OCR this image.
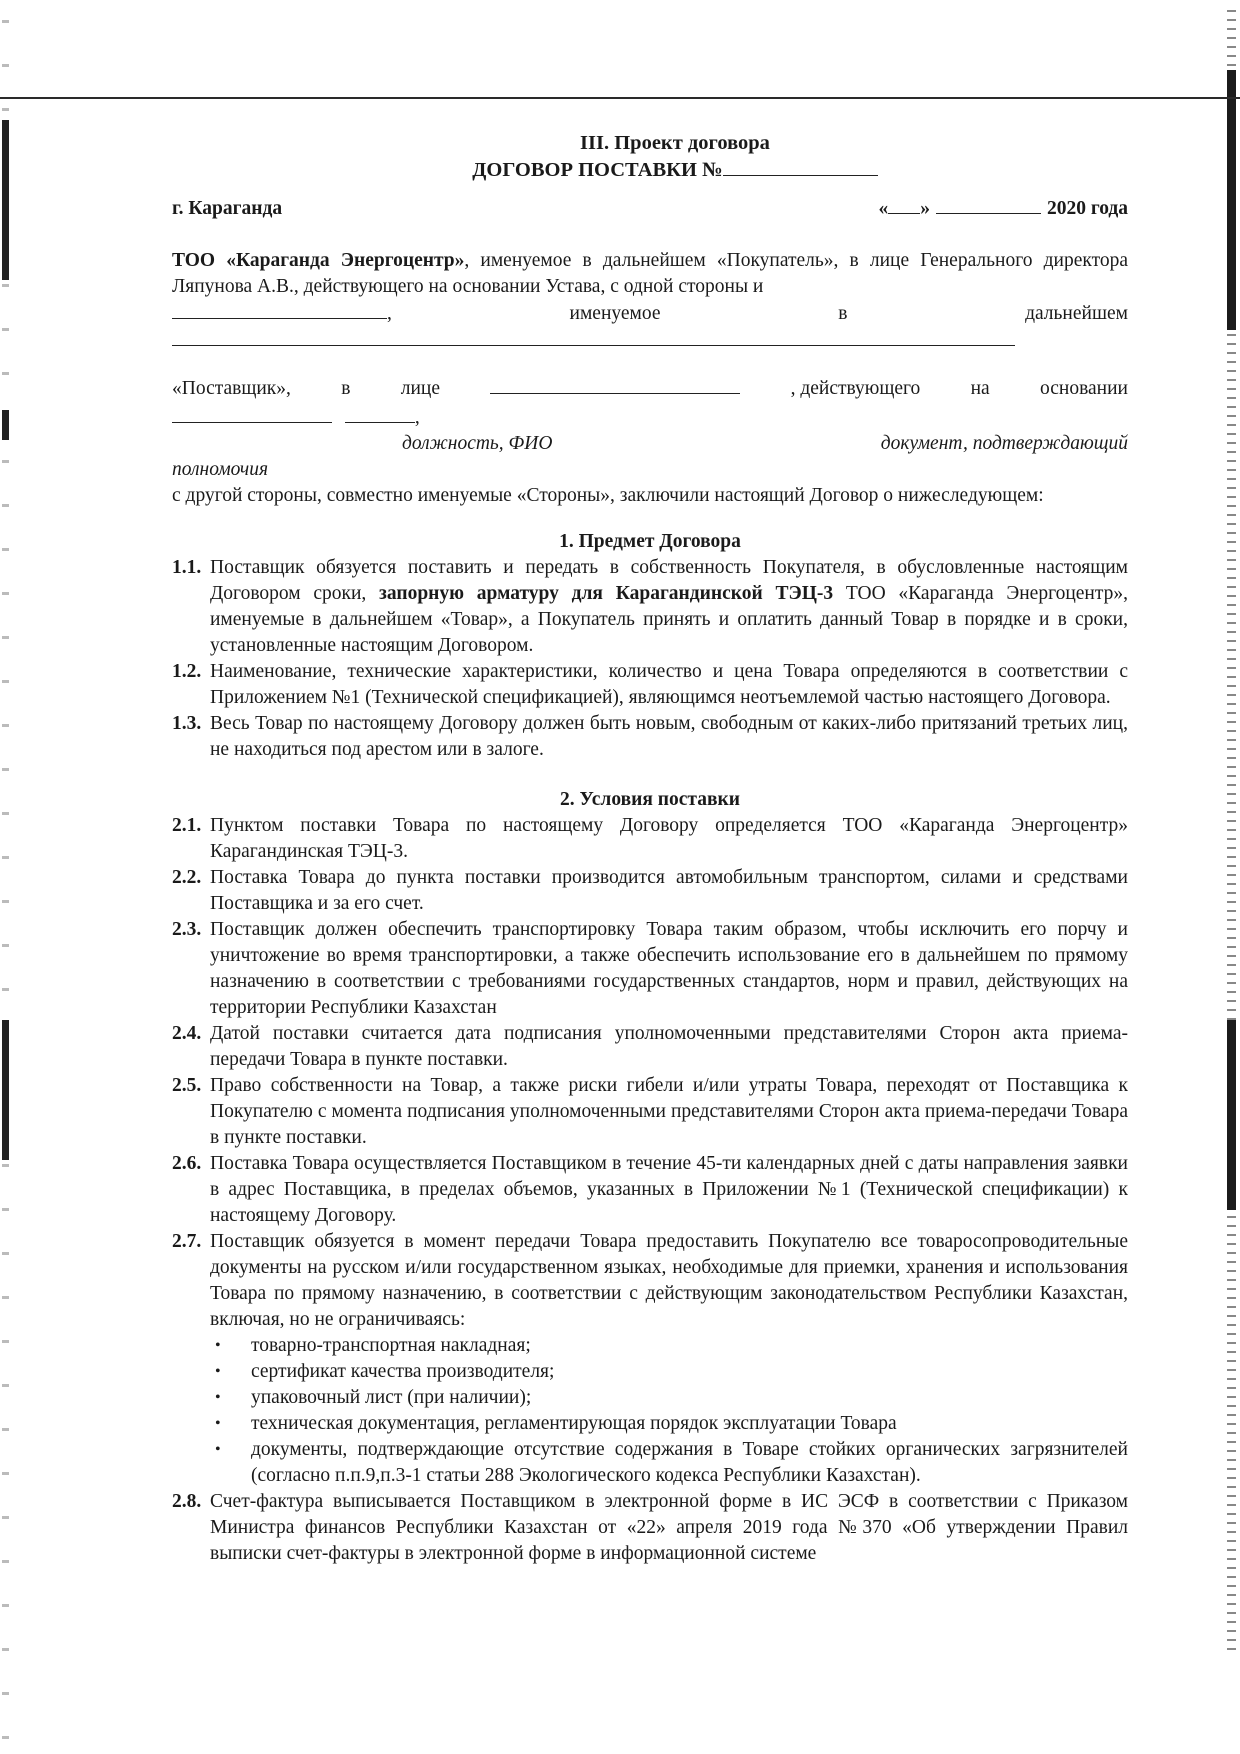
III. Проект договора
ДОГОВОР ПОСТАВКИ №
г. Караганда	« »	2020 года
ТОО «Караганда Энергоцентр», именуемое в дальнейшем «Покупатель», в лице Генерального директора Ляпунова А.В., действующего на основании Устава, с одной стороны и
,	именуемое	в	дальнейшем
«Поставщик»,	в	лице	, действующего	на	основании
,
должность, ФИО	документ, подтверждающий
полномочия
с другой стороны, совместно именуемые «Стороны», заключили настоящий Договор о нижеследующем:
1. Предмет Договора
1.1. Поставщик обязуется поставить и передать в собственность Покупателя, в обусловленные настоящим Договором сроки, запорную арматуру для Карагандинской ТЭЦ-3 ТОО «Караганда Энергоцентр», именуемые в дальнейшем «Товар», а Покупатель принять и оплатить данный Товар в порядке и в сроки, установленные настоящим Договором.
1.2. Наименование, технические характеристики, количество и цена Товара определяются в соответствии с Приложением №1 (Технической спецификацией), являющимся неотъемлемой частью настоящего Договора.
1.3. Весь Товар по настоящему Договору должен быть новым, свободным от каких-либо притязаний третьих лиц, не находиться под арестом или в залоге.
2. Условия поставки
2.1. Пунктом поставки Товара по настоящему Договору определяется ТОО «Караганда Энергоцентр» Карагандинская ТЭЦ-3.
2.2. Поставка Товара до пункта поставки производится автомобильным транспортом, силами и средствами Поставщика и за его счет.
2.3. Поставщик должен обеспечить транспортировку Товара таким образом, чтобы исключить его порчу и уничтожение во время транспортировки, а также обеспечить использование его в дальнейшем по прямому назначению в соответствии с требованиями государственных стандартов, норм и правил, действующих на территории Республики Казахстан
2.4. Датой поставки считается дата подписания уполномоченными представителями Сторон акта приема-передачи Товара в пункте поставки.
2.5. Право собственности на Товар, а также риски гибели и/или утраты Товара, переходят от Поставщика к Покупателю с момента подписания уполномоченными представителями Сторон акта приема-передачи Товара в пункте поставки.
2.6. Поставка Товара осуществляется Поставщиком в течение 45-ти календарных дней с даты направления заявки в адрес Поставщика, в пределах объемов, указанных в Приложении №1 (Технической спецификации) к настоящему Договору.
2.7. Поставщик обязуется в момент передачи Товара предоставить Покупателю все товаросопроводительные документы на русском и/или государственном языках, необходимые для приемки, хранения и использования Товара по прямому назначению, в соответствии с действующим законодательством Республики Казахстан, включая, но не ограничиваясь:
•	товарно-транспортная накладная;
•	сертификат качества производителя;
•	упаковочный лист (при наличии);
•	техническая документация, регламентирующая порядок эксплуатации Товара
•	документы, подтверждающие отсутствие содержания в Товаре стойких органических загрязнителей (согласно п.п.9,п.3-1 статьи 288 Экологического кодекса Республики Казахстан).
2.8. Счет-фактура выписывается Поставщиком в электронной форме в ИС ЭСФ в соответствии с Приказом Министра финансов Республики Казахстан от «22» апреля 2019 года №370 «Об утверждении Правил выписки счет-фактуры в электронной форме в информационной системе
